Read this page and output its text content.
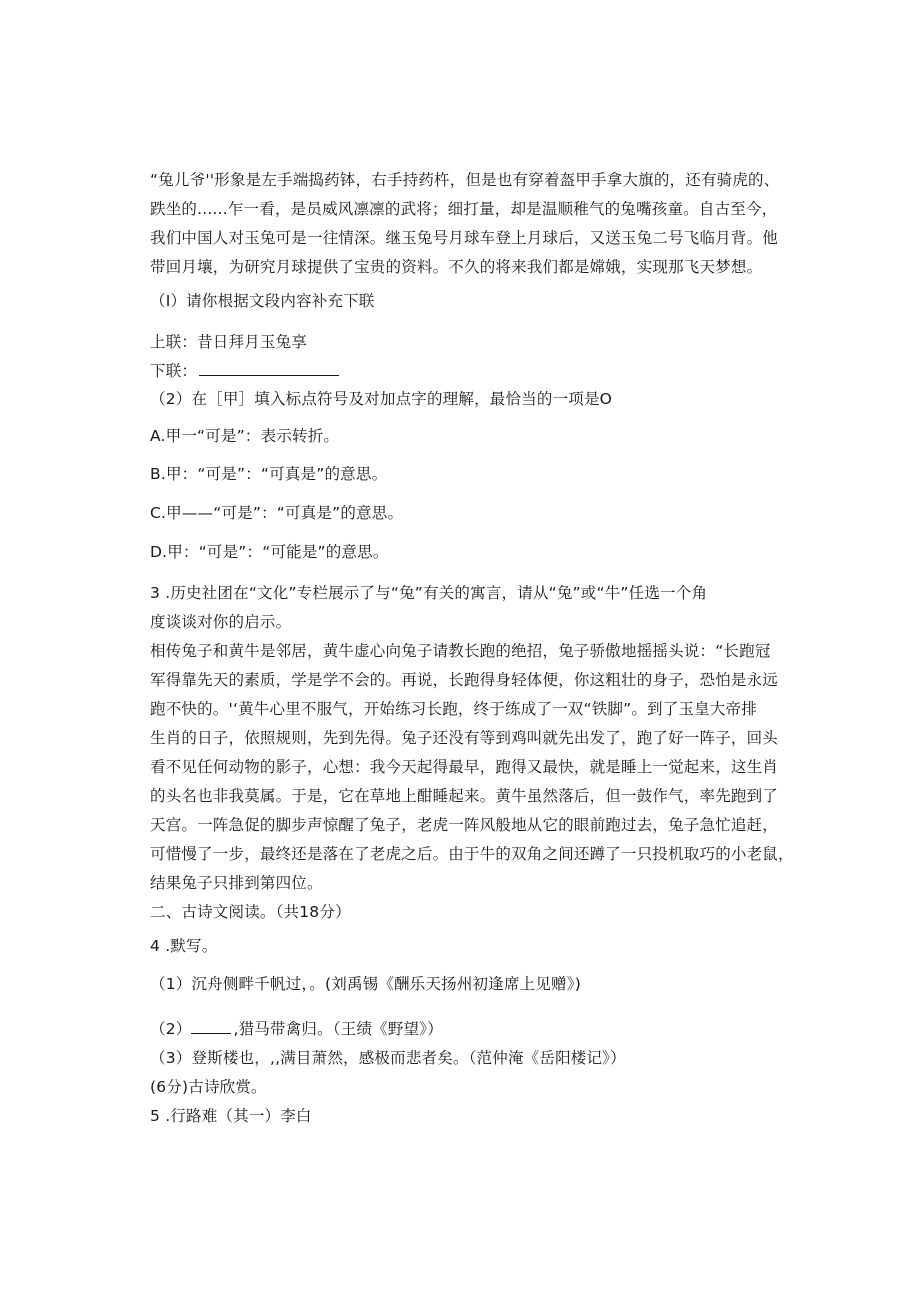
“兔儿爷''形象是左手端捣药钵，右手持药杵，但是也有穿着盔甲手拿大旗的，还有骑虎的、
跌坐的......乍一看，是员威风凛凛的武将；细打量，却是温顺稚气的兔嘴孩童。自古至今，
我们中国人对玉兔可是一往情深。继玉兔号月球车登上月球后，又送玉兔二号飞临月背。他
带回月壤，为研究月球提供了宝贵的资料。不久的将来我们都是嫦娥，实现那飞天梦想。
（I）请你根据文段内容补充下联
上联：昔日拜月玉兔享
下联：
（2）在［甲］填入标点符号及对加点字的理解，最恰当的一项是O
A.甲一“可是”：表示转折。
B.甲：“可是”：“可真是”的意思。
C.甲——“可是”：“可真是”的意思。
D.甲：“可是”：“可能是”的意思。
3 .历史社团在“文化”专栏展示了与“兔”有关的寓言，请从“兔”或“牛”任选一个角
度谈谈对你的启示。
相传兔子和黄牛是邻居，黄牛虚心向兔子请教长跑的绝招，兔子骄傲地摇摇头说：“长跑冠
军得靠先天的素质，学是学不会的。再说，长跑得身轻体便，你这粗壮的身子，恐怕是永远
跑不快的。'‘黄牛心里不服气，开始练习长跑，终于练成了一双“铁脚”。到了玉皇大帝排
生肖的日子，依照规则，先到先得。兔子还没有等到鸡叫就先出发了，跑了好一阵子，回头
看不见任何动物的影子，心想：我今天起得最早，跑得又最快，就是睡上一觉起来，这生肖
的头名也非我莫属。于是，它在草地上酣睡起来。黄牛虽然落后，但一鼓作气，率先跑到了
天宫。一阵急促的脚步声惊醒了兔子，老虎一阵风般地从它的眼前跑过去，兔子急忙追赶，
可惜慢了一步，最终还是落在了老虎之后。由于牛的双角之间还蹲了一只投机取巧的小老鼠，
结果兔子只排到第四位。
二、古诗文阅读。（共18分）
4 .默写。
（1）沉舟侧畔千帆过，。(刘禹锡《酬乐天扬州初逢席上见赠》)
（2）	,猎马带禽归。（王绩《野望》）
（3）登斯楼也，,,满目萧然，感极而悲者矣。（范仲淹《岳阳楼记》）
(6分)古诗欣赏。
5 .行路难（其一）李白
